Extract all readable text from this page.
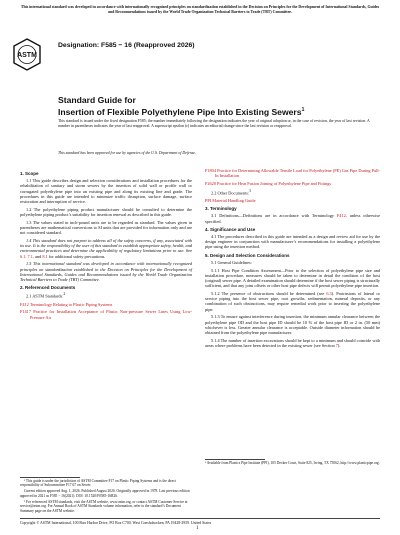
This international standard was developed in accordance with internationally recognized principles on standardization established in the Decision on Principles for the Development of International Standards, Guides and Recommendations issued by the World Trade Organization Technical Barriers to Trade (TBT) Committee.
ASTM
Designation: F585 − 16 (Reapproved 2026)
Standard Guide for
Insertion of Flexible Polyethylene Pipe Into Existing Sewers$^1$
This standard is issued under the fixed designation F585; the number immediately following the designation indicates the year of original adoption or, in the case of revision, the year of last revision. A number in parentheses indicates the year of last reapproval. A superscript epsilon (ε) indicates an editorial change since the last revision or reapproval.
This standard has been approved for use by agencies of the U.S. Department of Defense.
1. Scope

1.1 This guide describes design and selection considerations and installation procedures for the rehabilitation of sanitary and storm sewers by the insertion of solid wall or profile wall or corrugated polyethylene pipe into an existing pipe and along its existing line and grade. The procedures in this guide are intended to minimize traffic disruption, surface damage, surface restoration and interruption of service.

1.2 The polyethylene piping product manufacturer should be consulted to determine the polyethylene piping product’s suitability for insertion renewal as described in this guide.

1.3 The values stated in inch-pound units are to be regarded as standard. The values given in parentheses are mathematical conversions to SI units that are provided for information only and are not considered standard.

1.4 This standard does not purport to address all of the safety concerns, if any, associated with its use. It is the responsibility of the user of this standard to establish appropriate safety, health, and environmental practices and determine the applicability of regulatory limitations prior to use. See 6.1, 7.1, and 8.1 for additional safety precautions.

1.5 This international standard was developed in accordance with internationally recognized principles on standardization established in the Decision on Principles for the Development of International Standards, Guides and Recommendations issued by the World Trade Organization Technical Barriers to Trade (TBT) Committee.

2. Referenced Documents

2.1 ASTM Standards:$^2$

F412 Terminology Relating to Plastic Piping Systems

F1417 Practice for Installation Acceptance of Plastic Non-pressure Sewer Lines Using Low-Pressure Air

F1804 Practice for Determining Allowable Tensile Load for Polyethylene (PE) Gas Pipe During Pull-In Installation

F2620 Practice for Heat Fusion Joining of Polyethylene Pipe and Fittings

2.2 Other Documents:$^3$

PPI Material Handling Guide

3. Terminology

3.1 Definitions—Definitions are in accordance with Terminology F412, unless otherwise specified.

4. Significance and Use

4.1 The procedures described in this guide are intended as a design and review aid for use by the design engineer in conjunction with manufacturer’s recommendations for installing a polyethylene pipe using the insertion method.

5. Design and Selection Considerations

5.1 General Guidelines:

5.1.1 Host Pipe Condition Assessment—Prior to the selection of polyethylene pipe size and installation procedure, measures should be taken to determine in detail the condition of the host (original) sewer pipe. A detailed examination should determine if the host sewer piping is structurally sufficient, and that any joint offsets or other host pipe defects will permit polyethylene pipe insertion.

5.1.2 The presence of obstructions should be determined (see 6.3). Protrusions of lateral or service piping into the host sewer pipe, root growths, sedimentation, mineral deposits, or any combination of such obstructions, may require remedial work prior to inserting the polyethylene pipe.

5.1.3 To ensure against interference during insertion, the minimum annular clearance between the polyethylene pipe OD and the host pipe ID should be 10 % of the host pipe ID or 2 in. (50 mm) whichever is less. Greater annular clearance is acceptable. Outside diameter information should be obtained from the polyethylene pipe manufacturer.

5.1.4 The number of insertion excavations should be kept to a minimum and should coincide with areas where problems have been detected in the existing sewer (see Section 7).

¹ This guide is under the jurisdiction of ASTM Committee F17 on Plastic Piping Systems and is the direct responsibility of Subcommittee F17.67 on Sewer.

Current edition approved Aug. 1, 2026. Published August 2026. Originally approved in 1978. Last previous edition approved in 2021 as F585 − 16(2021). DOI: 10.1520/F0585-16R26.

² For referenced ASTM standards, visit the ASTM website, www.astm.org, or contact ASTM Customer Service at service@astm.org. For Annual Book of ASTM Standards volume information, refer to the standard’s Document Summary page on the ASTM website.

³ Available from Plastics Pipe Institute (PPI), 105 Decker Court, Suite 825, Irving, TX 75062, http://www.plasticpipe.org.

Copyright © ASTM International, 100 Barr Harbor Drive, PO Box C700, West Conshohocken, PA 19428-2959. United States
1
